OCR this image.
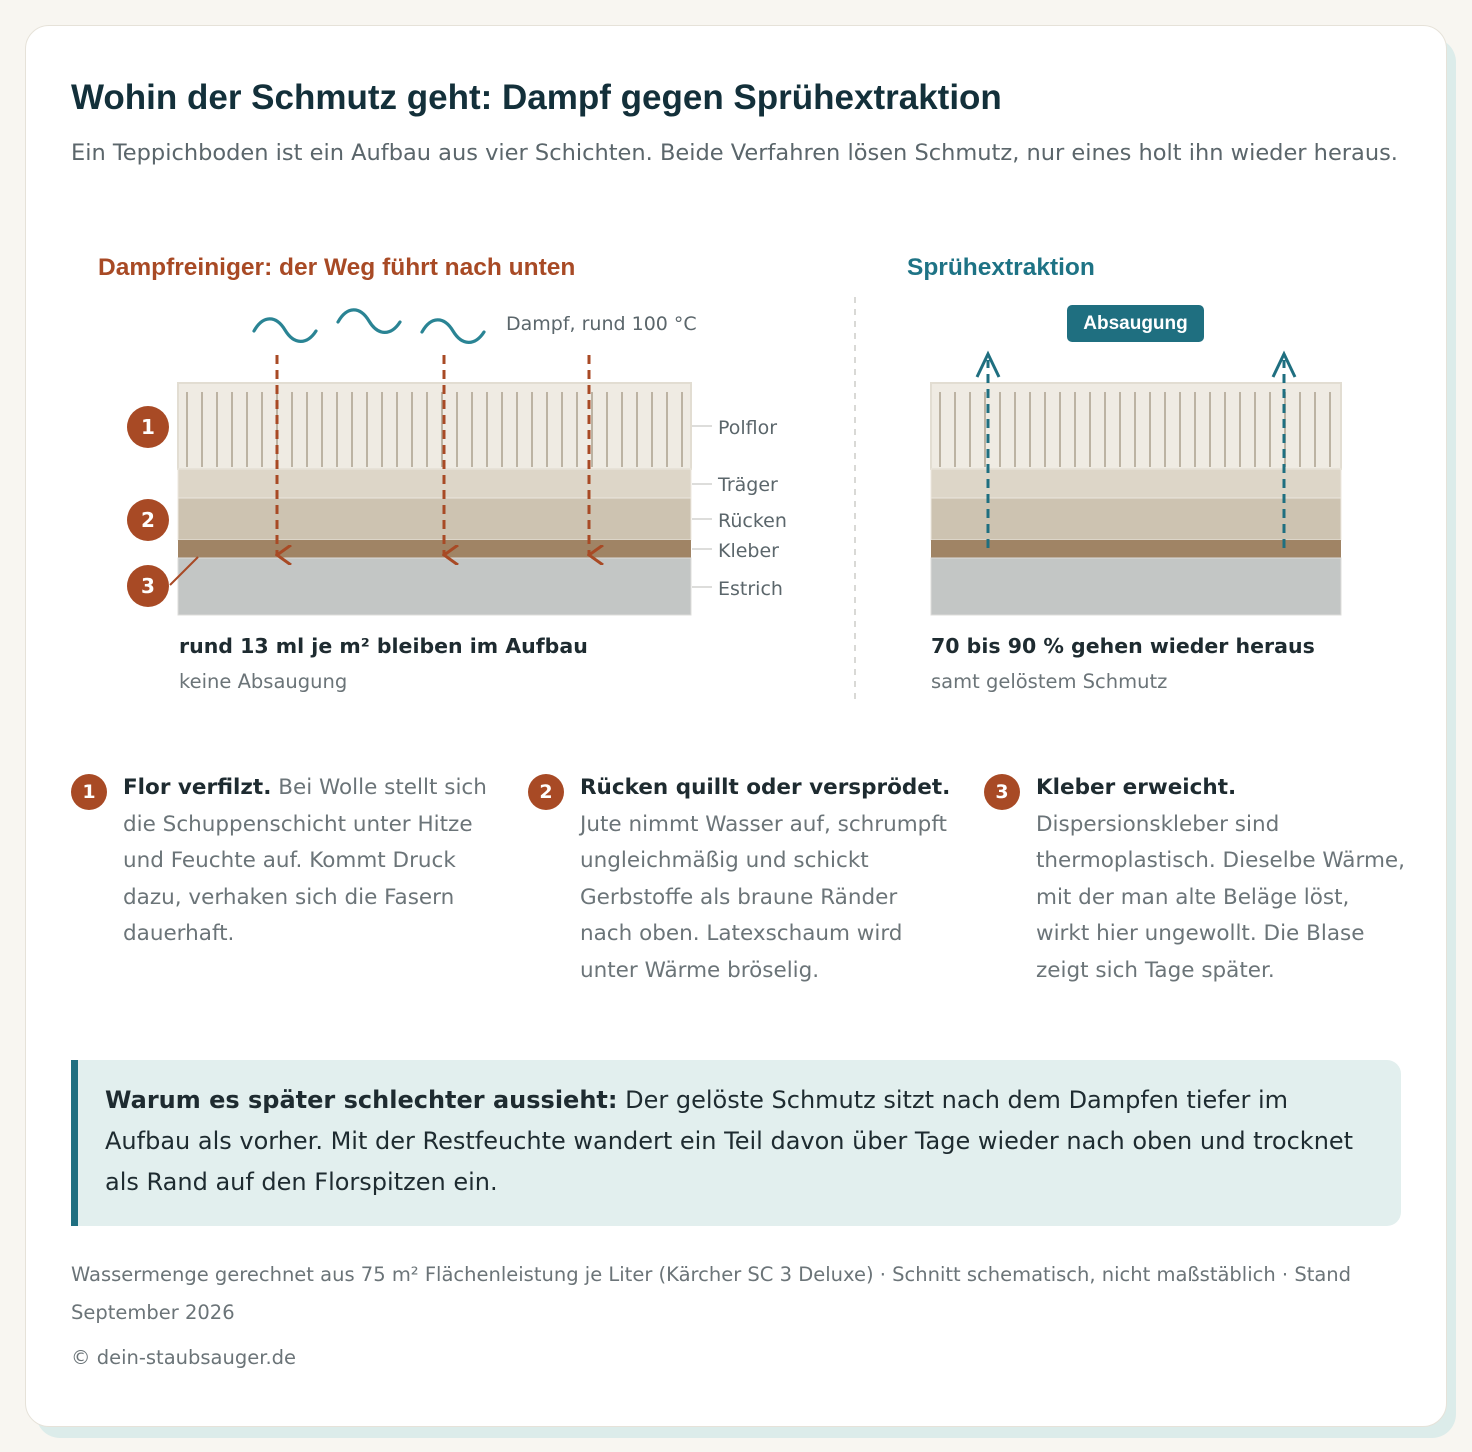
Wohin der Schmutz geht: Dampf gegen Sprühextraktion
Ein Teppichboden ist ein Aufbau aus vier Schichten. Beide Verfahren lösen Schmutz, nur eines holt ihn wieder heraus.
Dampfreiniger: der Weg führt nach unten	Sprühextraktion
Dampf, rund 100 °C
Polflor
Träger
Rücken
Kleber
Estrich
1
2
3
Absaugung
rund 13 ml je m² bleiben im Aufbau
keine Absaugung
70 bis 90 % gehen wieder heraus
samt gelöstem Schmutz
1	Flor verfilzt. Bei Wolle stellt sich die Schuppenschicht unter Hitze und Feuchte auf. Kommt Druck dazu, verhaken sich die Fasern dauerhaft.

2	Rücken quillt oder versprödet. Jute nimmt Wasser auf, schrumpft ungleichmäßig und schickt Gerbstoffe als braune Ränder nach oben. Latexschaum wird unter Wärme bröselig.

3	Kleber erweicht. Dispersionskleber sind thermoplastisch. Dieselbe Wärme, mit der man alte Beläge löst, wirkt hier ungewollt. Die Blase zeigt sich Tage später.

Warum es später schlechter aussieht: Der gelöste Schmutz sitzt nach dem Dampfen tiefer im Aufbau als vorher. Mit der Restfeuchte wandert ein Teil davon über Tage wieder nach oben und trocknet als Rand auf den Florspitzen ein.

Wassermenge gerechnet aus 75 m² Flächenleistung je Liter (Kärcher SC 3 Deluxe) · Schnitt schematisch, nicht maßstäblich · Stand September 2026
© dein-staubsauger.de
